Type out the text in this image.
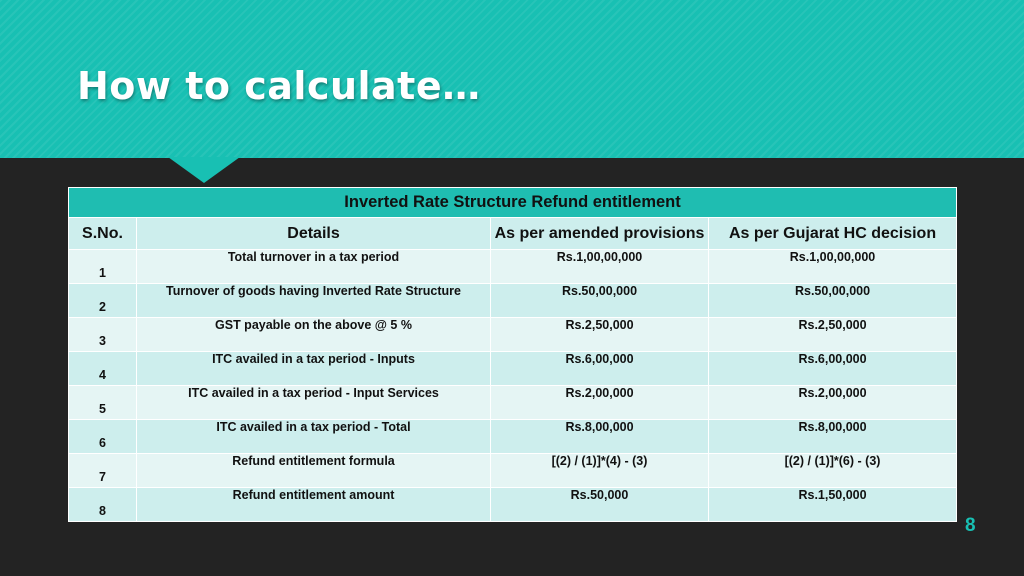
How to calculate…
Inverted Rate Structure Refund entitlement			
S.No.	Details	As per amended provisions	As per Gujarat HC decision
1	Total turnover in a tax period	Rs.1,00,00,000	Rs.1,00,00,000
2	Turnover of goods having Inverted Rate Structure	Rs.50,00,000	Rs.50,00,000
3	GST payable on the above @ 5 %	Rs.2,50,000	Rs.2,50,000
4	ITC availed in a tax period - Inputs	Rs.6,00,000	Rs.6,00,000
5	ITC availed in a tax period - Input Services	Rs.2,00,000	Rs.2,00,000
6	ITC availed in a tax period - Total	Rs.8,00,000	Rs.8,00,000
7	Refund entitlement formula	[(2) / (1)]*(4) - (3)	[(2) / (1)]*(6) - (3)
8	Refund entitlement amount	Rs.50,000	Rs.1,50,000
8
